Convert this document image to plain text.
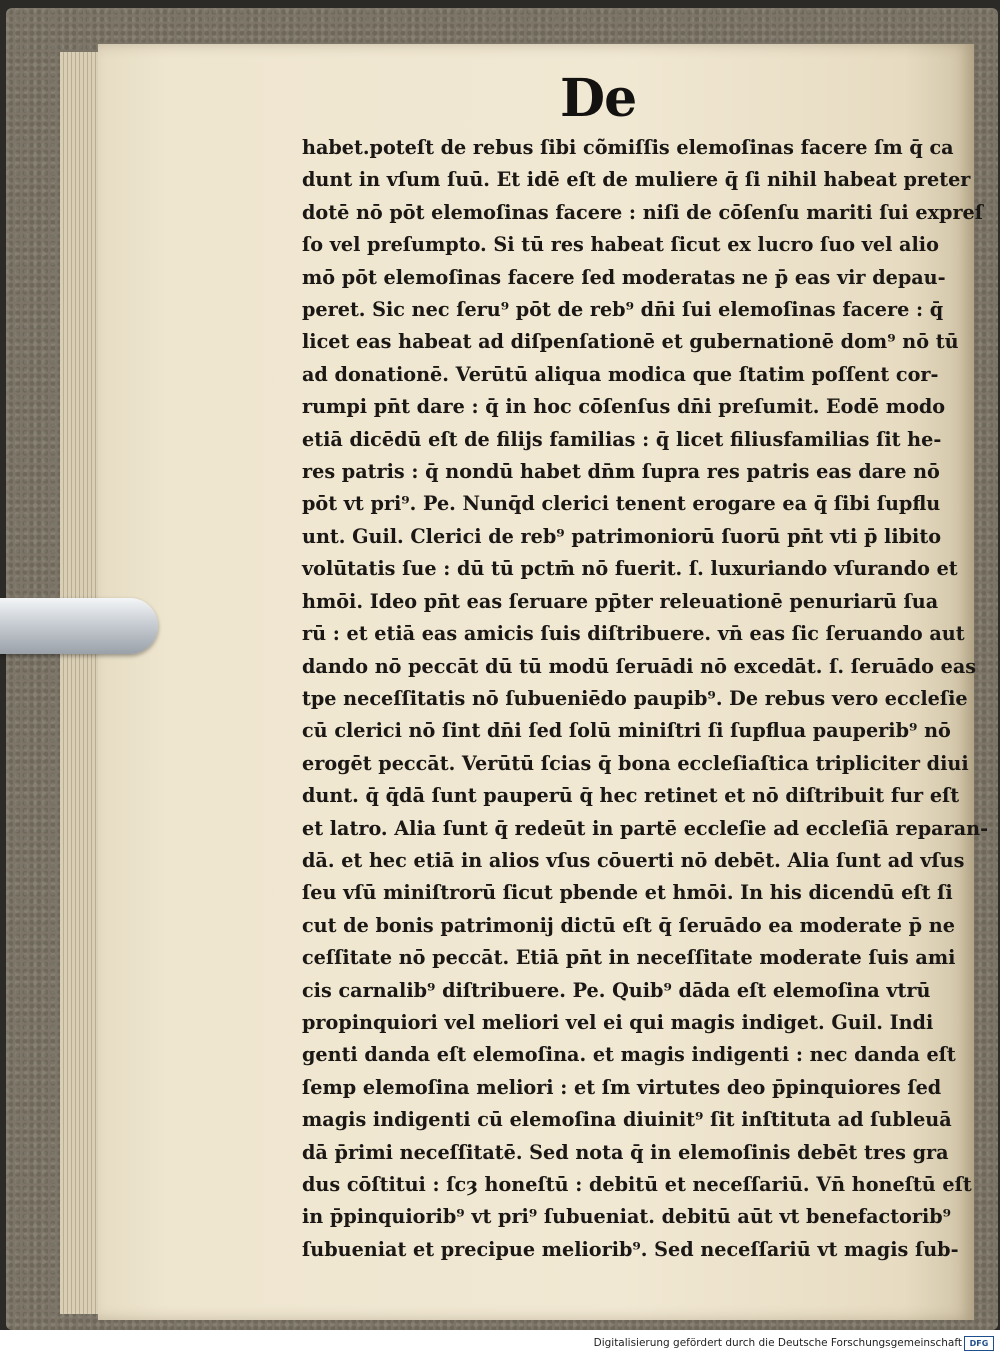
De
habet.poteſt de rebus ſibi cõmiſſis elemoſinas facere ſm q̄ ca
dunt in vſum ſuū. Et idē eſt de muliere q̄ ſi nihil habeat preter
dotē nō pōt elemoſinas facere : niſi de cōſenſu mariti ſui expreſ
ſo vel preſumpto. Si tū res habeat ſicut ex lucro ſuo vel alio
mō pōt elemoſinas facere ſed moderatas ne p̄ eas vir depau-
peret. Sic nec ſeru⁹ pōt de reb⁹ dn̄i ſui elemoſinas facere : q̄
licet eas habeat ad diſpenſationē et gubernationē dom⁹ nō tū
ad donationē. Verūtū aliqua modica que ſtatim poſſent cor-
rumpi pn̄t dare : q̄ in hoc cōſenſus dn̄i preſumit. Eodē modo
etiā dicēdū eſt de filijs familias : q̄ licet filiusfamilias ſit he-
res patris : q̄ nondū habet dn̄m ſupra res patris eas dare nō
pōt vt pri⁹. Pe. Nunq̄d clerici tenent erogare ea q̄ ſibi ſupflu
unt. Guil. Clerici de reb⁹ patrimoniorū ſuorū pn̄t vti p̄ libito
volūtatis ſue : dū tū pctm̄ nō fuerit. ſ. luxuriando vſurando et
hmōi. Ideo pn̄t eas ſeruare pp̄ter releuationē penuriarū ſua
rū : et etiā eas amicis ſuis diſtribuere. vn̄ eas ſic ſeruando aut
dando nō peccāt dū tū modū ſeruādi nō excedāt. ſ. ſeruādo eas
tpe neceſſitatis nō ſubueniēdo paupib⁹. De rebus vero eccleſie
cū clerici nō ſint dn̄i ſed ſolū miniſtri ſi ſupflua pauperib⁹ nō
erogēt peccāt. Verūtū ſcias q̄ bona eccleſiaſtica tripliciter diui
dunt. q̄ q̄dā ſunt pauperū q̄ hec retinet et nō diſtribuit fur eſt
et latro. Alia ſunt q̄ redeūt in partē eccleſie ad eccleſiā reparan-
dā. et hec etiā in alios vſus cōuerti nō debēt. Alia ſunt ad vſus
ſeu vſū miniſtrorū ſicut pbende et hmōi. In his dicendū eſt ſi
cut de bonis patrimonij dictū eſt q̄ ſeruādo ea moderate p̄ ne
ceſſitate nō peccāt. Etiā pn̄t in neceſſitate moderate ſuis ami
cis carnalib⁹ diſtribuere. Pe. Quib⁹ dāda eſt elemoſina vtrū
propinquiori vel meliori vel ei qui magis indiget. Guil. Indi
genti danda eſt elemoſina. et magis indigenti : nec danda eſt
ſemp elemoſina meliori : et ſm virtutes deo p̄pinquiores ſed
magis indigenti cū elemoſina diuinit⁹ ſit inſtituta ad ſubleuā
dā p̄rimi neceſſitatē. Sed nota q̄ in elemoſinis debēt tres gra
dus cōſtitui : ſcȝ honeſtū : debitū et neceſſariū. Vn̄ honeſtū eſt
in p̄pinquiorib⁹ vt pri⁹ ſubueniat. debitū aūt vt benefactorib⁹
ſubueniat et precipue meliorib⁹. Sed neceſſariū vt magis ſub-
Digitalisierung gefördert durch die Deutsche Forschungsgemeinschaft DFG
